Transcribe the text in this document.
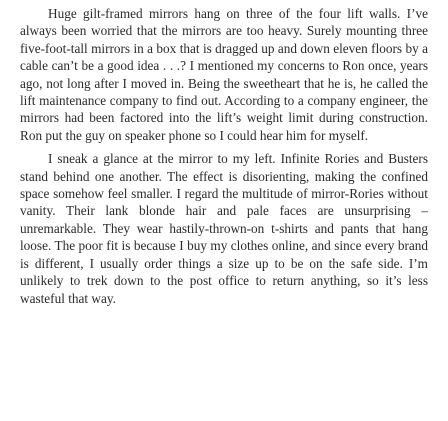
Huge gilt-framed mirrors hang on three of the four lift walls. I’ve always been worried that the mirrors are too heavy. Surely mounting three five-foot-tall mirrors in a box that is dragged up and down eleven floors by a cable can’t be a good idea . . .? I mentioned my concerns to Ron once, years ago, not long after I moved in. Being the sweetheart that he is, he called the lift maintenance company to find out. According to a company engineer, the mirrors had been factored into the lift’s weight limit during construction. Ron put the guy on speaker phone so I could hear him for myself.

I sneak a glance at the mirror to my left. Infinite Rories and Busters stand behind one another. The effect is disorienting, making the confined space somehow feel smaller. I regard the multitude of mirror-Rories without vanity. Their lank blonde hair and pale faces are unsurprising – unremarkable. They wear hastily-thrown-on t-shirts and pants that hang loose. The poor fit is because I buy my clothes online, and since every brand is different, I usually order things a size up to be on the safe side. I’m unlikely to trek down to the post office to return anything, so it’s less wasteful that way.
